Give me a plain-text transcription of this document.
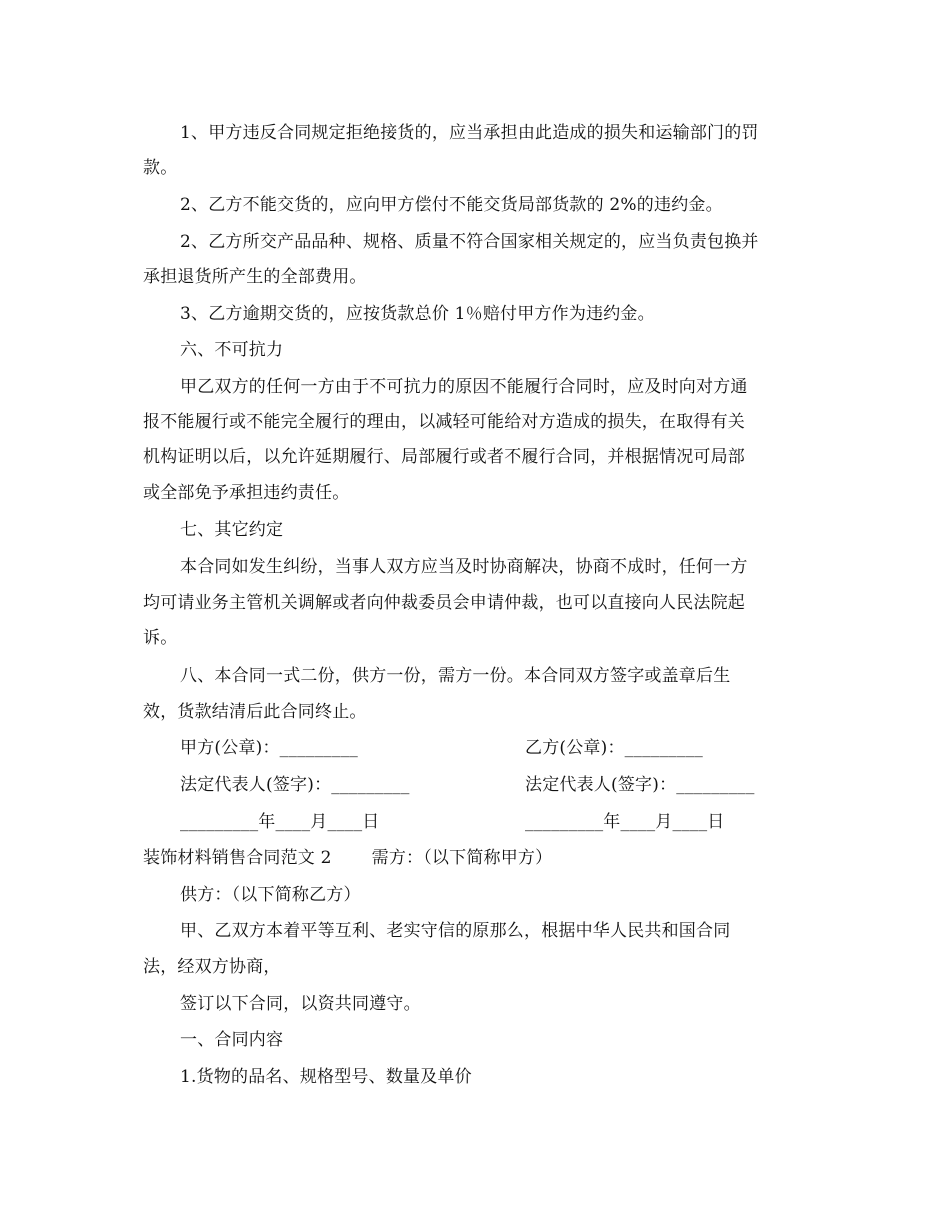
1、甲方违反合同规定拒绝接货的，应当承担由此造成的损失和运输部门的罚
款。
2、乙方不能交货的，应向甲方偿付不能交货局部货款的 2%的违约金。
2、乙方所交产品品种、规格、质量不符合国家相关规定的，应当负责包换并
承担退货所产生的全部费用。
3、乙方逾期交货的，应按货款总价 1％赔付甲方作为违约金。
六、不可抗力
甲乙双方的任何一方由于不可抗力的原因不能履行合同时，应及时向对方通
报不能履行或不能完全履行的理由，以减轻可能给对方造成的损失，在取得有关
机构证明以后，以允许延期履行、局部履行或者不履行合同，并根据情况可局部
或全部免予承担违约责任。
七、其它约定
本合同如发生纠纷，当事人双方应当及时协商解决，协商不成时，任何一方
均可请业务主管机关调解或者向仲裁委员会申请仲裁，也可以直接向人民法院起
诉。
八、本合同一式二份，供方一份，需方一份。本合同双方签字或盖章后生
效，货款结清后此合同终止。
甲方(公章)：_________	乙方(公章)：_________
法定代表人(签字)：_________	法定代表人(签字)：_________
_________年____月____日	_________年____月____日
装饰材料销售合同范文 2　　 需方：（以下简称甲方）
供方：（以下简称乙方）
甲、乙双方本着平等互利、老实守信的原那么，根据中华人民共和国合同
法，经双方协商，
签订以下合同，以资共同遵守。
一、合同内容
1.货物的品名、规格型号、数量及单价
